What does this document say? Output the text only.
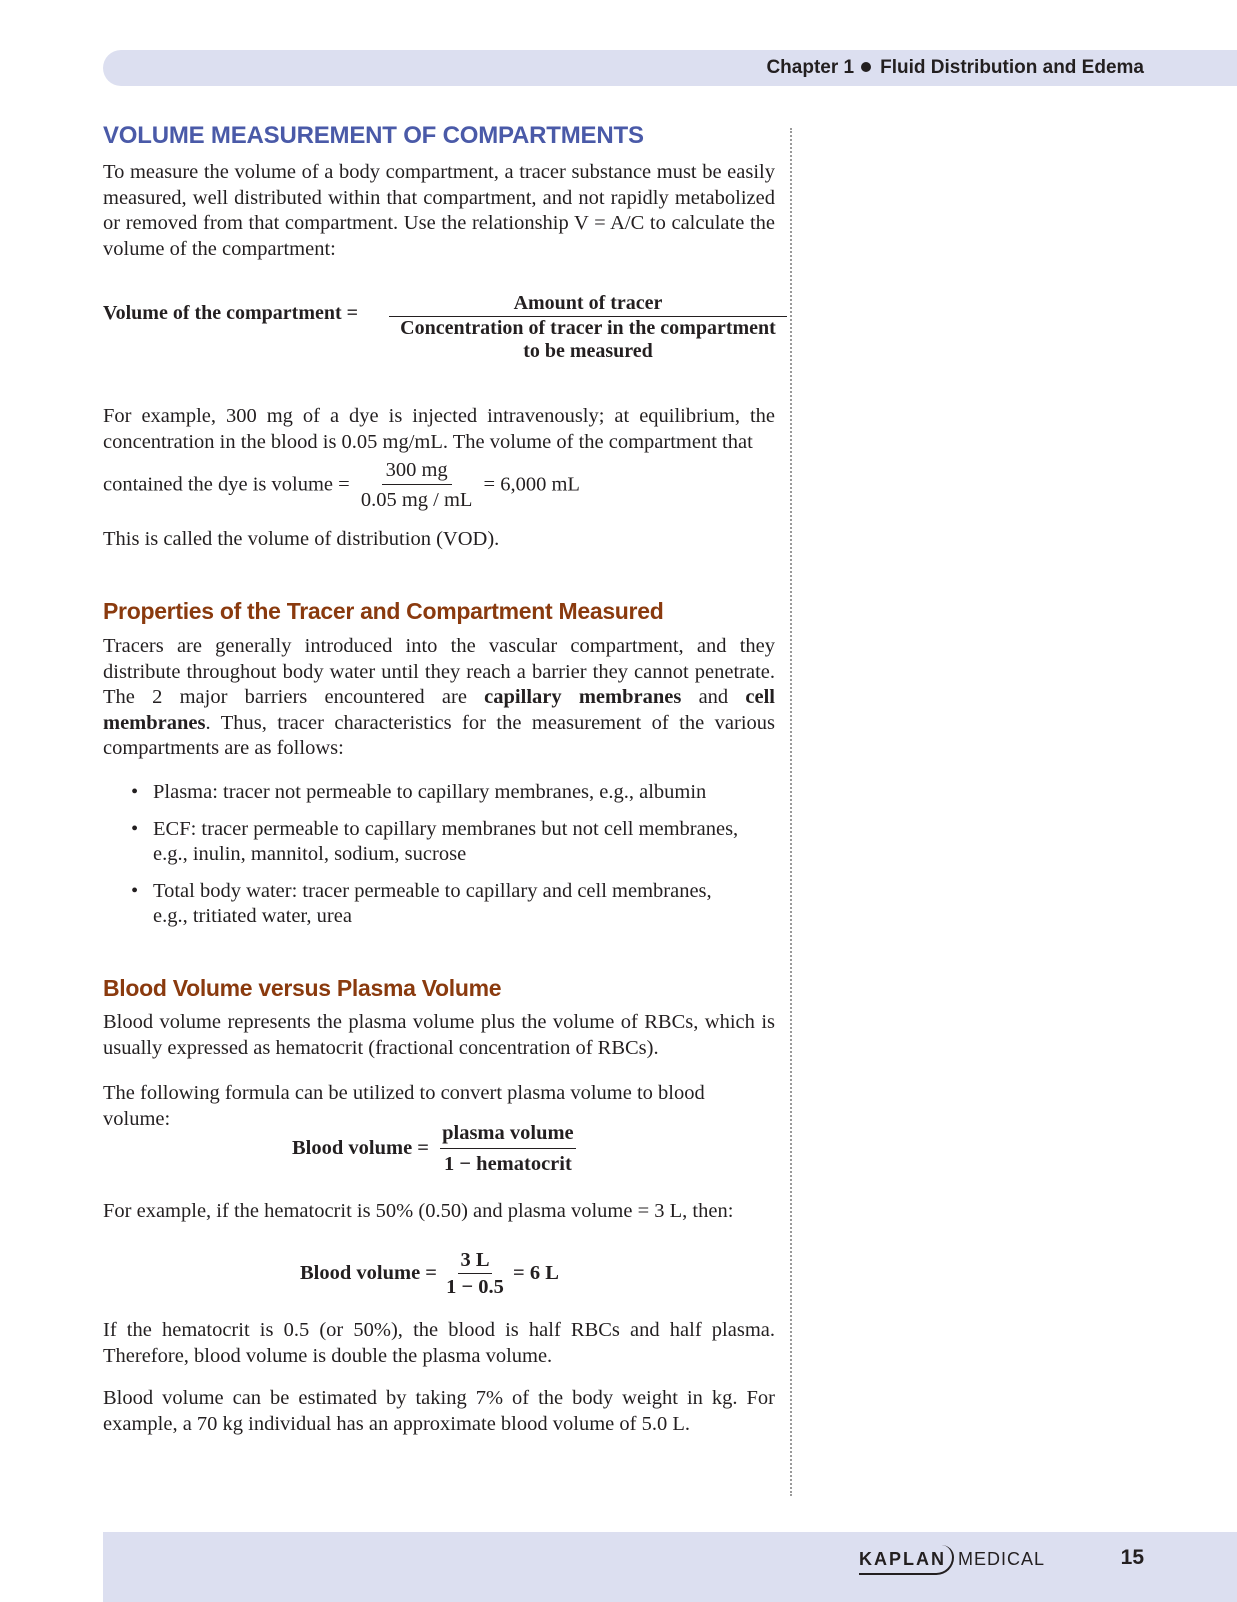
Chapter 1 Fluid Distribution and Edema
VOLUME MEASUREMENT OF COMPARTMENTS

To measure the volume of a body compartment, a tracer substance must be easily measured, well distributed within that compartment, and not rapidly metabolized or removed from that compartment. Use the relationship V = A/C to calculate the volume of the compartment:

Volume of the compartment =	Amount of tracer
Concentration of tracer in the compartment
to be measured

For example, 300 mg of a dye is injected intravenously; at equilibrium, the concentration in the blood is 0.05 mg/mL. The volume of the compartment that

contained the dye is volume = $\frac{300 mg}{0.05 mg / mL} = 6,000$ mL

This is called the volume of distribution (VOD).

Properties of the Tracer and Compartment Measured

Tracers are generally introduced into the vascular compartment, and they distribute throughout body water until they reach a barrier they cannot penetrate. The 2 major barriers encountered are capillary membranes and cell membranes. Thus, tracer characteristics for the measurement of the various compartments are as follows:

• Plasma: tracer not permeable to capillary membranes, e.g., albumin
• ECF: tracer permeable to capillary membranes but not cell membranes, e.g., inulin, mannitol, sodium, sucrose
• Total body water: tracer permeable to capillary and cell membranes, e.g., tritiated water, urea
Blood Volume versus Plasma Volume

Blood volume represents the plasma volume plus the volume of RBCs, which is usually expressed as hematocrit (fractional concentration of RBCs).

The following formula can be utilized to convert plasma volume to blood volume:

Blood volume = $\frac{\text{plasma volume}}{\text{1 − hematocrit}}$

For example, if the hematocrit is 50% (0.50) and plasma volume = 3 L, then:

Blood volume = $\frac{3 L}{1 - 0.5} = 6$ L

If the hematocrit is 0.5 (or 50%), the blood is half RBCs and half plasma. Therefore, blood volume is double the plasma volume.

Blood volume can be estimated by taking 7% of the body weight in kg. For example, a 70 kg individual has an approximate blood volume of 5.0 L.

KAPLAN MEDICAL	15
